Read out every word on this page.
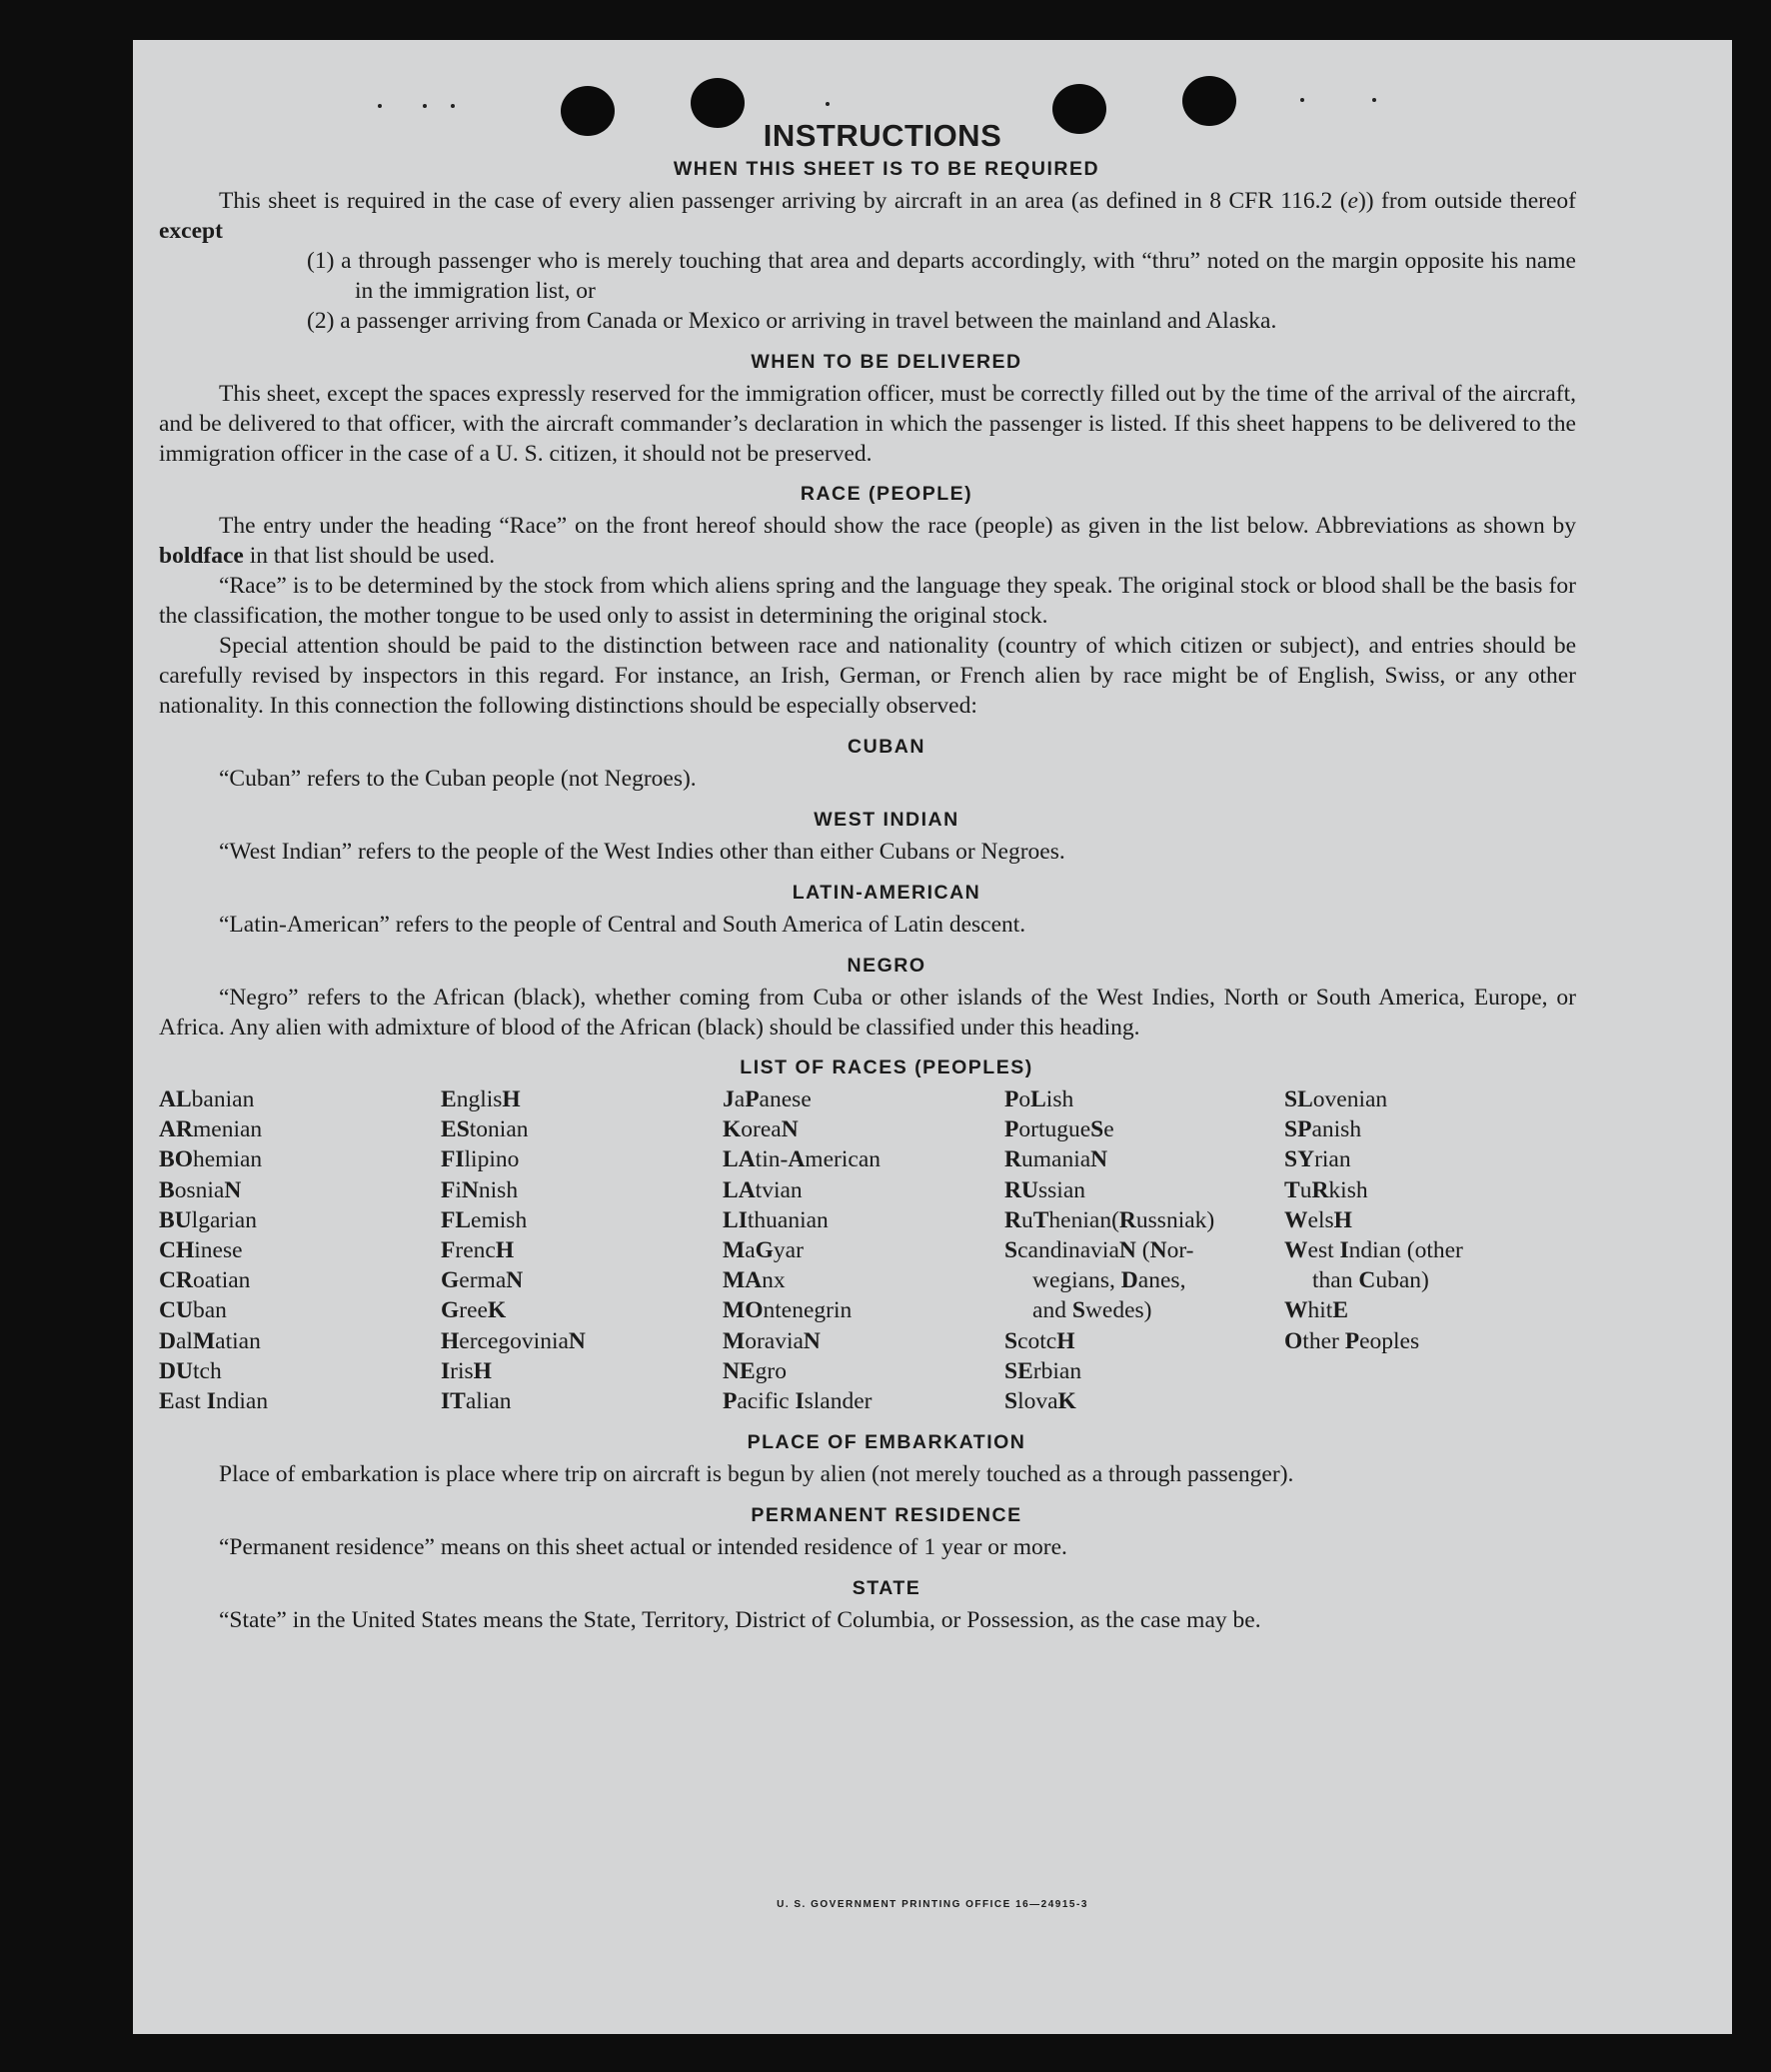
INSTRUCTIONS
WHEN THIS SHEET IS TO BE REQUIRED

This sheet is required in the case of every alien passenger arriving by aircraft in an area (as defined in 8 CFR 116.2 (e)) from outside thereof except

(1) a through passenger who is merely touching that area and departs accordingly, with “thru” noted on the margin opposite his name in the immigration list, or

(2) a passenger arriving from Canada or Mexico or arriving in travel between the mainland and Alaska.

WHEN TO BE DELIVERED

This sheet, except the spaces expressly reserved for the immigration officer, must be correctly filled out by the time of the arrival of the aircraft, and be delivered to that officer, with the aircraft commander’s declaration in which the passenger is listed. If this sheet happens to be delivered to the immigration officer in the case of a U. S. citizen, it should not be preserved.

RACE (PEOPLE)

The entry under the heading “Race” on the front hereof should show the race (people) as given in the list below. Abbreviations as shown by boldface in that list should be used.

“Race” is to be determined by the stock from which aliens spring and the language they speak. The original stock or blood shall be the basis for the classification, the mother tongue to be used only to assist in determining the original stock.

Special attention should be paid to the distinction between race and nationality (country of which citizen or subject), and entries should be carefully revised by inspectors in this regard. For instance, an Irish, German, or French alien by race might be of English, Swiss, or any other nationality. In this connection the following distinctions should be especially observed:

CUBAN

“Cuban” refers to the Cuban people (not Negroes).

WEST INDIAN

“West Indian” refers to the people of the West Indies other than either Cubans or Negroes.

LATIN-AMERICAN

“Latin-American” refers to the people of Central and South America of Latin descent.

NEGRO

“Negro” refers to the African (black), whether coming from Cuba or other islands of the West Indies, North or South America, Europe, or Africa. Any alien with admixture of blood of the African (black) should be classified under this heading.

LIST OF RACES (PEOPLES)
ALbanian
ARmenian
BOhemian
BosniaN
BUlgarian
CHinese
CRoatian
CUban
DalMatian
DUtch
East Indian
EnglisH
EStonian
FIlipino
FiNnish
FLemish
FrencH
GermaN
GreeK
HercegoviniaN
IrisH
ITalian
JaPanese
KoreaN
LAtin-American
LAtvian
LIthuanian
MaGyar
MAnx
MOntenegrin
MoraviaN
NEgro
Pacific Islander
PoLish
PortugueSe
RumaniaN
RUssian
RuThenian(Russniak)
ScandinaviaN (Nor-
wegians, Danes,
and Swedes)
ScotcH
SErbian
SlovaK
SLovenian
SPanish
SYrian
TuRkish
WelsH
West Indian (other
than Cuban)
WhitE
Other Peoples
PLACE OF EMBARKATION

Place of embarkation is place where trip on aircraft is begun by alien (not merely touched as a through passenger).

PERMANENT RESIDENCE

“Permanent residence” means on this sheet actual or intended residence of 1 year or more.

STATE

“State” in the United States means the State, Territory, District of Columbia, or Possession, as the case may be.

U. S. GOVERNMENT PRINTING OFFICE 16—24915-3
